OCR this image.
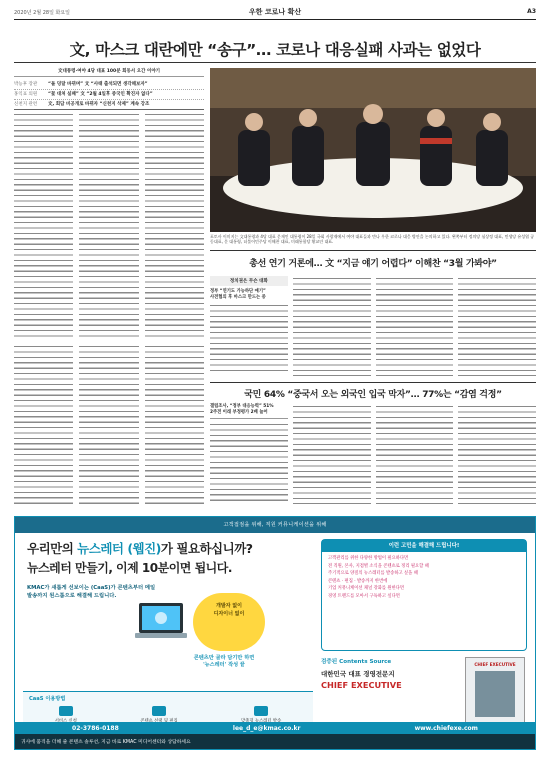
2020년 2월 28일 화요일	우한 코로나 확산	A3
文, 마스크 대란에만 “송구”… 코로나 대응실패 사과는 없었다
文대통령·여야 4당 대표 100분 회동서 오간 이야기
박능후 장관	“돌 덩달 바뀌며” 文 “사태 출석되면 생각해보자”
홍익표 의원	“꽃 대처 실패” 文 “2월 4일후 중국인 확진자 없다”
신천지 관련	文, 회담 비공개로 바뀌자 “신천지 삭제” 계속 강조
포토사 이미지는 文대통령과 4당 대표 문재인 대통령이 28일 국회 사랑재에서 여야 대표들과 만나 우한 코로나 대응 방안을 논의하고 있다. 왼쪽부터 정의당 심상정 대표, 민생당 유성엽 공동대표, 문 대통령, 더불어민주당 이해찬 대표, 미래통합당 황교안 대표.
총선 연기 거론에… 文 “지금 얘기 어렵다” 이해찬 “3월 가봐야”
정치권은 무슨 대화
정부 “연기도 가능하단 얘기”
사전협의 후 마스크 만드는 중
국민 64% “중국서 오는 외국인 입국 막자”… 77%는 “감염 걱정”
갤럽조사, “정부 대응능력” 51%
2주전 이래 부정평가 2배 늘어
고객접점을 위해, 직원 커뮤니케이션을 위해
우리만의 뉴스레터 (웹진)가 필요하십니까?
뉴스레터 만들기, 이제 10분이면 됩니다.
KMAC가 새롭게 선보이는 (CaaS)가 콘텐츠부터 메일발송까지 원스톱으로 해결해 드립니다.
개발자 없이
디자이너 없이
콘텐츠만 골라 담기만 하면
'뉴스레터' 작성 끝
CaaS 이용방법
이런 고민을 해결해 드립니다!
고객관리를 위한 다양한 방법이 필요하다면
전 직원, 본사, 지점별 소식을 콘텐츠로 정리 필요할 때
주기적으로 양질의 뉴스레터를 발송하고 싶을 때
콘텐츠 · 편집 · 발송까지 한번에
기업 커뮤니케이션 채널 강화를 원한다면
경영 트렌드를 모아서 구독하고 싶다면
검증된 Contents Source
대한민국 대표 경영전문지
CHIEF EXECUTIVE
CHIEF EXECUTIVE
귀사에 품격을 더해 줄 콘텐츠 솔루션, 지금 바로 KMAC 미디어센터와 상담하세요
02-3786-0188	lee_d_e@kmac.co.kr	www.chiefexe.com
